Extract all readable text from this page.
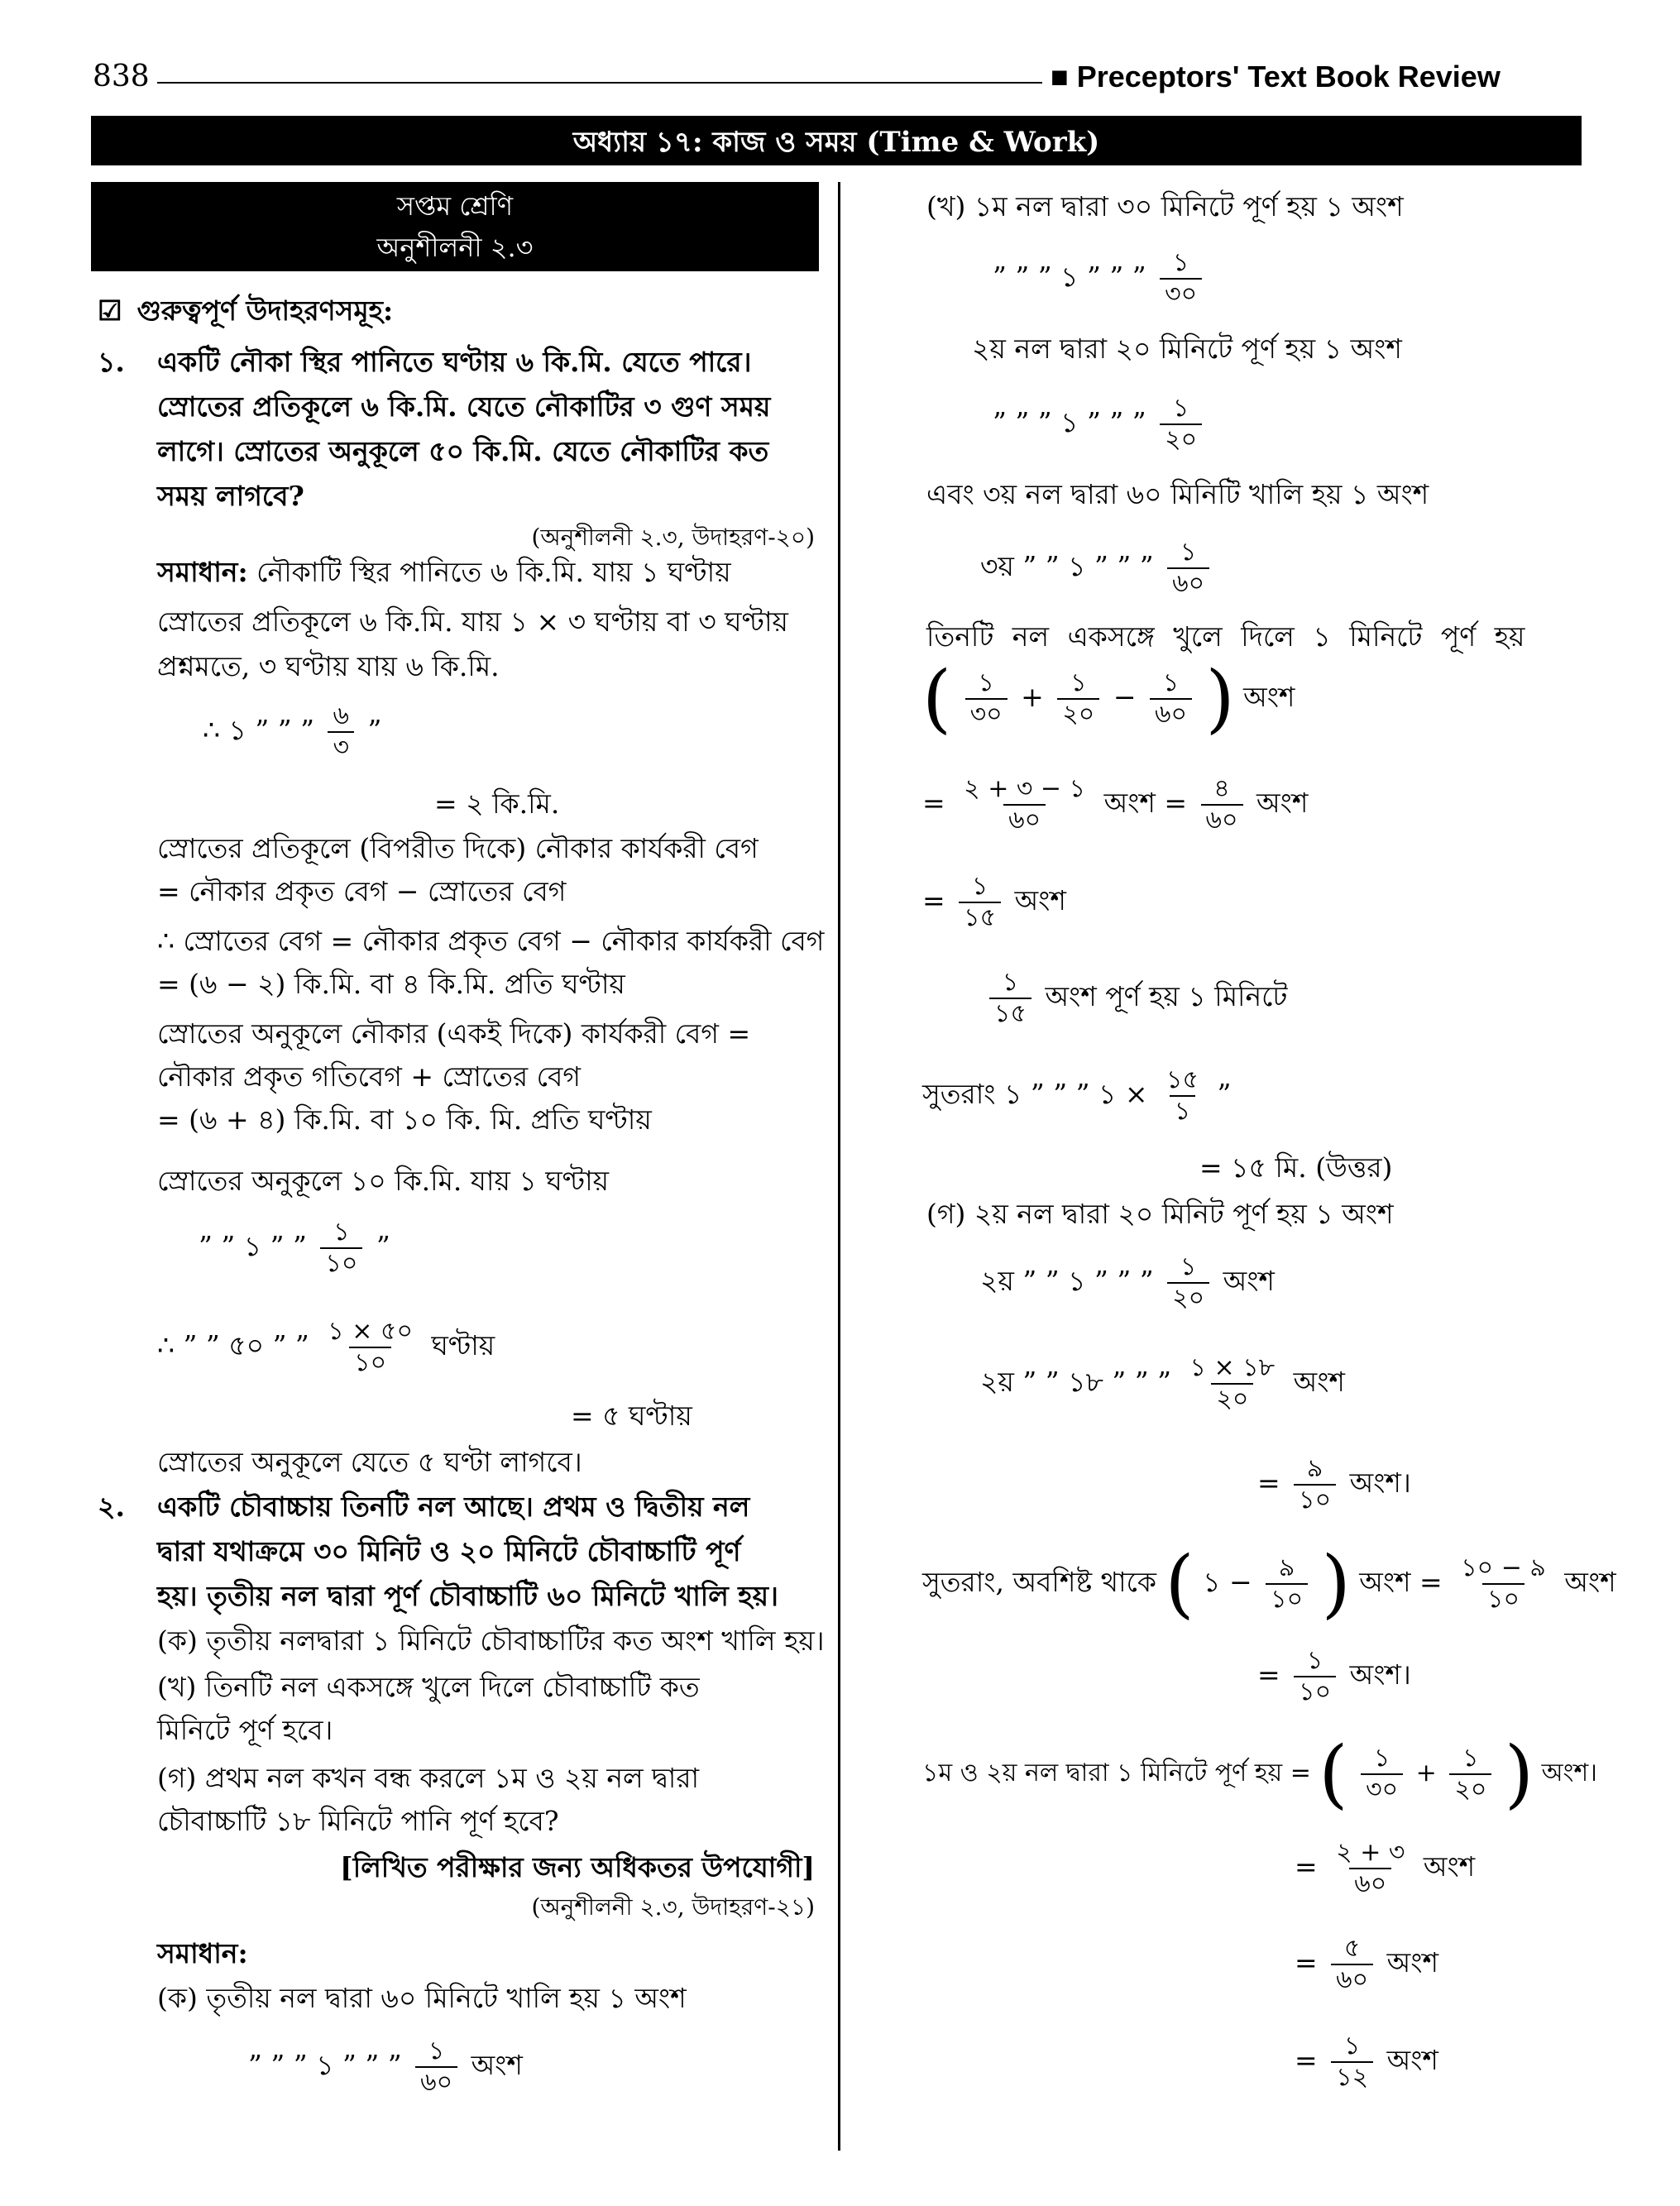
838	■ Preceptors' Text Book Review
অধ্যায় ১৭: কাজ ও সময় (Time & Work)
সপ্তম শ্রেণি
অনুশীলনী ২.৩
☑ গুরুত্বপূর্ণ উদাহরণসমূহ:
১. একটি নৌকা স্থির পানিতে ঘণ্টায় ৬ কি.মি. যেতে পারে।
স্রোতের প্রতিকূলে ৬ কি.মি. যেতে নৌকাটির ৩ গুণ সময়
লাগে। স্রোতের অনুকূলে ৫০ কি.মি. যেতে নৌকাটির কত
সময় লাগবে?
(অনুশীলনী ২.৩, উদাহরণ-২০)
সমাধান: নৌকাটি স্থির পানিতে ৬ কি.মি. যায় ১ ঘণ্টায়
স্রোতের প্রতিকূলে ৬ কি.মি. যায় ১ × ৩ ঘণ্টায় বা ৩ ঘণ্টায়
প্রশ্নমতে, ৩ ঘণ্টায় যায় ৬ কি.মি.
∴ ১ ” ” ” $\frac{৬}{৩}$ ”
= ২ কি.মি.
স্রোতের প্রতিকূলে (বিপরীত দিকে) নৌকার কার্যকরী বেগ
= নৌকার প্রকৃত বেগ − স্রোতের বেগ
∴ স্রোতের বেগ = নৌকার প্রকৃত বেগ − নৌকার কার্যকরী বেগ
= (৬ − ২) কি.মি. বা ৪ কি.মি. প্রতি ঘণ্টায়
স্রোতের অনুকূলে নৌকার (একই দিকে) কার্যকরী বেগ =
নৌকার প্রকৃত গতিবেগ + স্রোতের বেগ
= (৬ + ৪) কি.মি. বা ১০ কি. মি. প্রতি ঘণ্টায়
স্রোতের অনুকূলে ১০ কি.মি. যায় ১ ঘণ্টায়
” ” ১ ” ” $\frac{১}{১০}$ ”
∴ ” ” ৫০ ” ” $\frac{১ \times ৫০}{১০}$ ঘণ্টায়
= ৫ ঘণ্টায়
স্রোতের অনুকূলে যেতে ৫ ঘণ্টা লাগবে।
২. একটি চৌবাচ্চায় তিনটি নল আছে। প্রথম ও দ্বিতীয় নল
দ্বারা যথাক্রমে ৩০ মিনিট ও ২০ মিনিটে চৌবাচ্চাটি পূর্ণ
হয়। তৃতীয় নল দ্বারা পূর্ণ চৌবাচ্চাটি ৬০ মিনিটে খালি হয়।
(ক) তৃতীয় নলদ্বারা ১ মিনিটে চৌবাচ্চাটির কত অংশ খালি হয়।
(খ) তিনটি নল একসঙ্গে খুলে দিলে চৌবাচ্চাটি কত
মিনিটে পূর্ণ হবে।
(গ) প্রথম নল কখন বন্ধ করলে ১ম ও ২য় নল দ্বারা
চৌবাচ্চাটি ১৮ মিনিটে পানি পূর্ণ হবে?
[লিখিত পরীক্ষার জন্য অধিকতর উপযোগী]
(অনুশীলনী ২.৩, উদাহরণ-২১)
সমাধান:
(ক) তৃতীয় নল দ্বারা ৬০ মিনিটে খালি হয় ১ অংশ
” ” ” ১ ” ” ” $\frac{১}{৬০}$ অংশ
(খ) ১ম নল দ্বারা ৩০ মিনিটে পূর্ণ হয় ১ অংশ
” ” ” ১ ” ” ” $\frac{১}{৩০}$
২য় নল দ্বারা ২০ মিনিটে পূর্ণ হয় ১ অংশ
” ” ” ১ ” ” ” $\frac{১}{২০}$
এবং ৩য় নল দ্বারা ৬০ মিনিটি খালি হয় ১ অংশ
৩য় ” ” ১ ” ” ” $\frac{১}{৬০}$
তিনটি নল একসঙ্গে খুলে দিলে ১ মিনিটে পূর্ণ হয়
( $\frac{১}{৩০} + \frac{১}{২০} - \frac{১}{৬০}$ ) অংশ
= $\frac{২ + ৩ - ১}{৬০}$ অংশ = $\frac{৪}{৬০}$ অংশ
= $\frac{১}{১৫}$ অংশ
$\frac{১}{১৫}$ অংশ পূর্ণ হয় ১ মিনিটে
সুতরাং ১ ” ” ” ১ × $\frac{১৫}{১}$ ”
= ১৫ মি. (উত্তর)
(গ) ২য় নল দ্বারা ২০ মিনিট পূর্ণ হয় ১ অংশ
২য় ” ” ১ ” ” ” $\frac{১}{২০}$ অংশ
২য় ” ” ১৮ ” ” ” $\frac{১ \times ১৮}{২০}$ অংশ
= $\frac{৯}{১০}$ অংশ।
সুতরাং, অবশিষ্ট থাকে ( ১ − $\frac{৯}{১০}$ ) অংশ = $\frac{১০ - ৯}{১০}$ অংশ
= $\frac{১}{১০}$ অংশ।
১ম ও ২য় নল দ্বারা ১ মিনিটে পূর্ণ হয় = ( $\frac{১}{৩০} + \frac{১}{২০}$ ) অংশ।
= $\frac{২ + ৩}{৬০}$ অংশ
= $\frac{৫}{৬০}$ অংশ
= $\frac{১}{১২}$ অংশ
